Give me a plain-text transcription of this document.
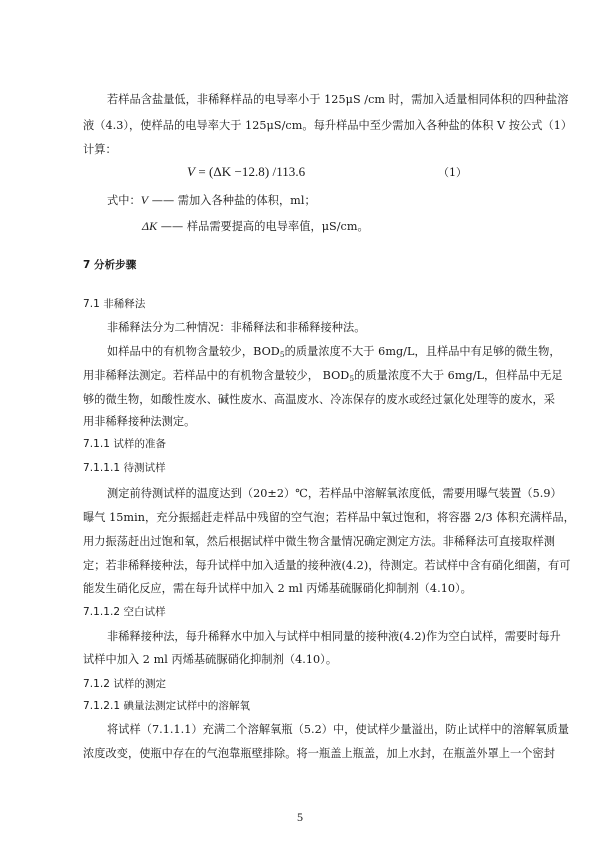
若样品含盐量低，非稀释样品的电导率小于 125μS /cm 时，需加入适量相同体积的四种盐溶
液（4.3），使样品的电导率大于 125μS/cm。每升样品中至少需加入各种盐的体积 V 按公式（1）
计算：
V = (ΔK −12.8) /113.6	（1）
式中：V —— 需加入各种盐的体积，ml；
ΔK —— 样品需要提高的电导率值，μS/cm。
7 分析步骤
7.1 非稀释法
非稀释法分为二种情况：非稀释法和非稀释接种法。
如样品中的有机物含量较少，$BOD_5$的质量浓度不大于 6mg/L，且样品中有足够的微生物，
用非稀释法测定。若样品中的有机物含量较少， $BOD_5$的质量浓度不大于 6mg/L，但样品中无足
够的微生物，如酸性废水、碱性废水、高温废水、冷冻保存的废水或经过氯化处理等的废水，采
用非稀释接种法测定。
7.1.1 试样的准备
7.1.1.1 待测试样
测定前待测试样的温度达到（20±2）℃，若样品中溶解氧浓度低，需要用曝气装置（5.9）
曝气 15min，充分振摇赶走样品中残留的空气泡；若样品中氧过饱和，将容器 2/3 体积充满样品，
用力振荡赶出过饱和氧，然后根据试样中微生物含量情况确定测定方法。非稀释法可直接取样测
定；若非稀释接种法，每升试样中加入适量的接种液(4.2)，待测定。若试样中含有硝化细菌，有可
能发生硝化反应，需在每升试样中加入 2 ml 丙烯基硫脲硝化抑制剂（4.10）。
7.1.1.2 空白试样
非稀释接种法，每升稀释水中加入与试样中相同量的接种液(4.2)作为空白试样，需要时每升
试样中加入 2 ml 丙烯基硫脲硝化抑制剂（4.10）。
7.1.2 试样的测定
7.1.2.1 碘量法测定试样中的溶解氧
将试样（7.1.1.1）充满二个溶解氧瓶（5.2）中，使试样少量溢出，防止试样中的溶解氧质量
浓度改变，使瓶中存在的气泡靠瓶壁排除。将一瓶盖上瓶盖，加上水封，在瓶盖外罩上一个密封
5
